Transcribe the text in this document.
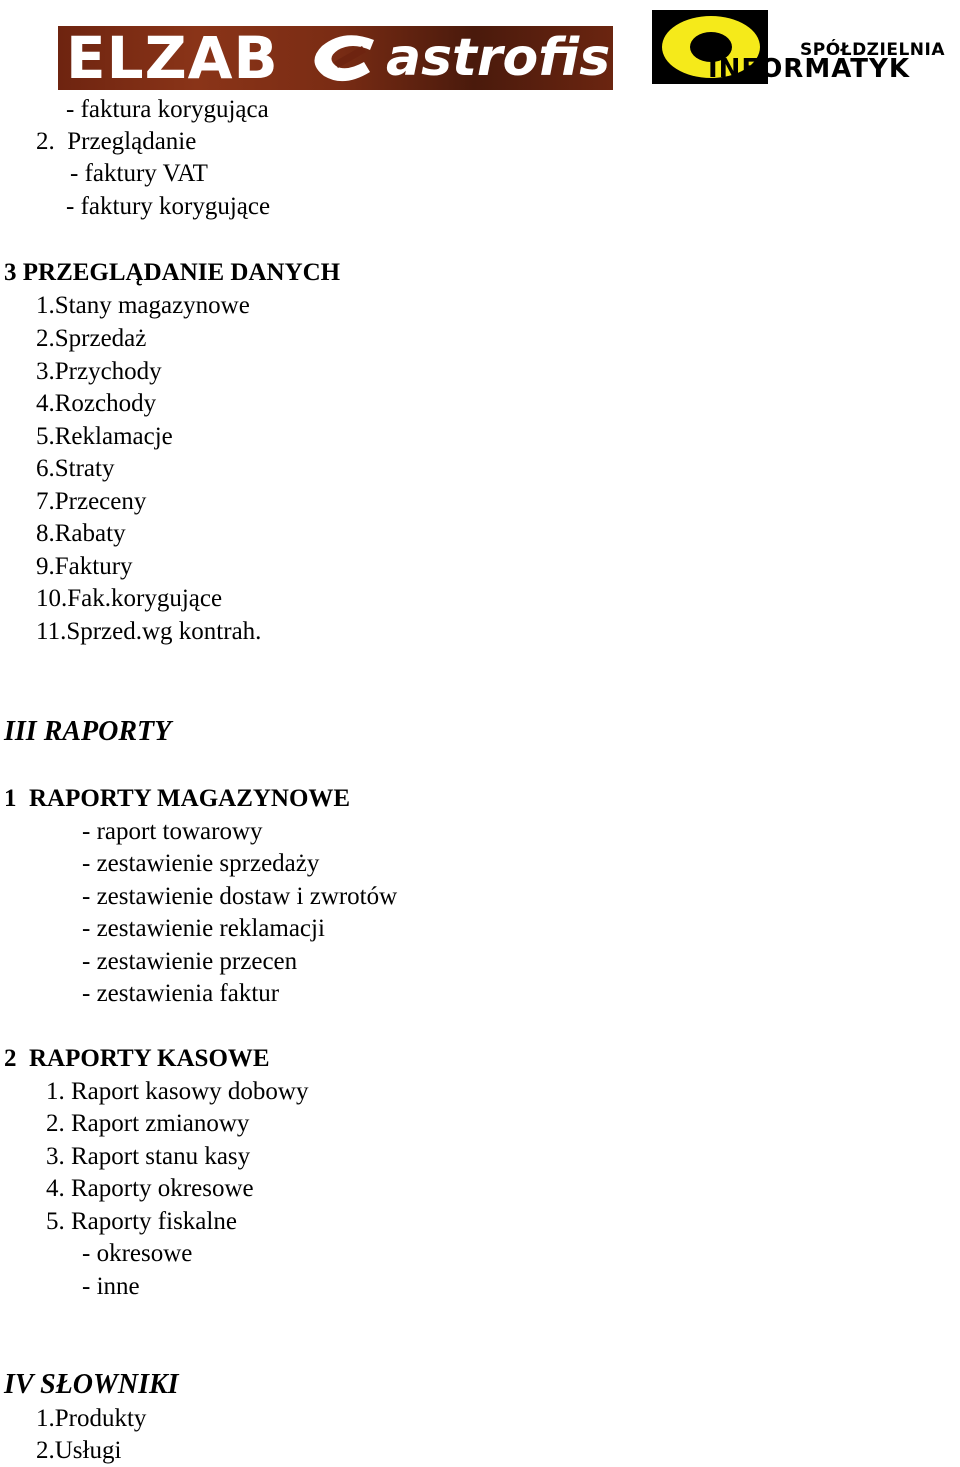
ELZAB astrofis	SPÓŁDZIELNIA
INFORMATYK
- faktura korygująca
2.  Przeglądanie
- faktury VAT
- faktury korygujące
3 PRZEGLĄDANIE DANYCH
1.Stany magazynowe
2.Sprzedaż
3.Przychody
4.Rozchody
5.Reklamacje
6.Straty
7.Przeceny
8.Rabaty
9.Faktury
10.Fak.korygujące
11.Sprzed.wg kontrah.
III RAPORTY
1  RAPORTY MAGAZYNOWE
- raport towarowy
- zestawienie sprzedaży
- zestawienie dostaw i zwrotów
- zestawienie reklamacji
- zestawienie przecen
- zestawienia faktur
2  RAPORTY KASOWE
1. Raport kasowy dobowy
2. Raport zmianowy
3. Raport stanu kasy
4. Raporty okresowe
5. Raporty fiskalne
- okresowe
- inne
IV SŁOWNIKI
1.Produkty
2.Usługi
